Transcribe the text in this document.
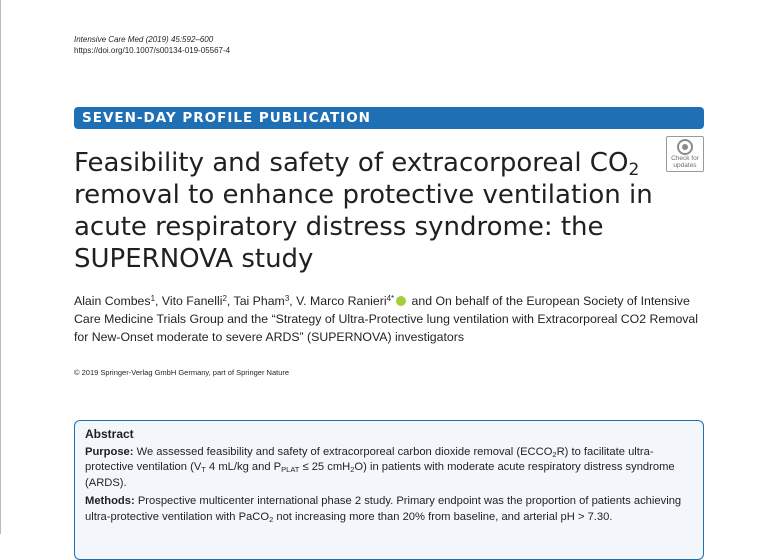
Intensive Care Med (2019) 45:592–600
https://doi.org/10.1007/s00134-019-05567-4
SEVEN-DAY PROFILE PUBLICATION
Check for
updates
Feasibility and safety of extracorporeal $CO_2$
removal to enhance protective ventilation in acute respiratory distress syndrome: the SUPERNOVA study
Alain Combes$^1$, Vito Fanelli$^2$, Tai Pham$^3$, V. Marco Ranieri$^{4*}$ and On behalf of the European Society of Intensive Care Medicine Trials Group and the “Strategy of Ultra-Protective lung ventilation with Extracorporeal CO2 Removal for New-Onset moderate to severe ARDS” (SUPERNOVA) investigators
© 2019 Springer-Verlag GmbH Germany, part of Springer Nature
Abstract

Purpose: We assessed feasibility and safety of extracorporeal carbon dioxide removal $(ECCO_2R)$ to facilitate ultra-protective ventilation ($V_T$ 4 mL/kg and $P_{PLAT} \le 25$ cmH$_2$O) in patients with moderate acute respiratory distress syndrome (ARDS).

Methods: Prospective multicenter international phase 2 study. Primary endpoint was the proportion of patients achieving ultra-protective ventilation with PaCO$_2$ not increasing more than 20% from baseline, and arterial pH > 7.30.
